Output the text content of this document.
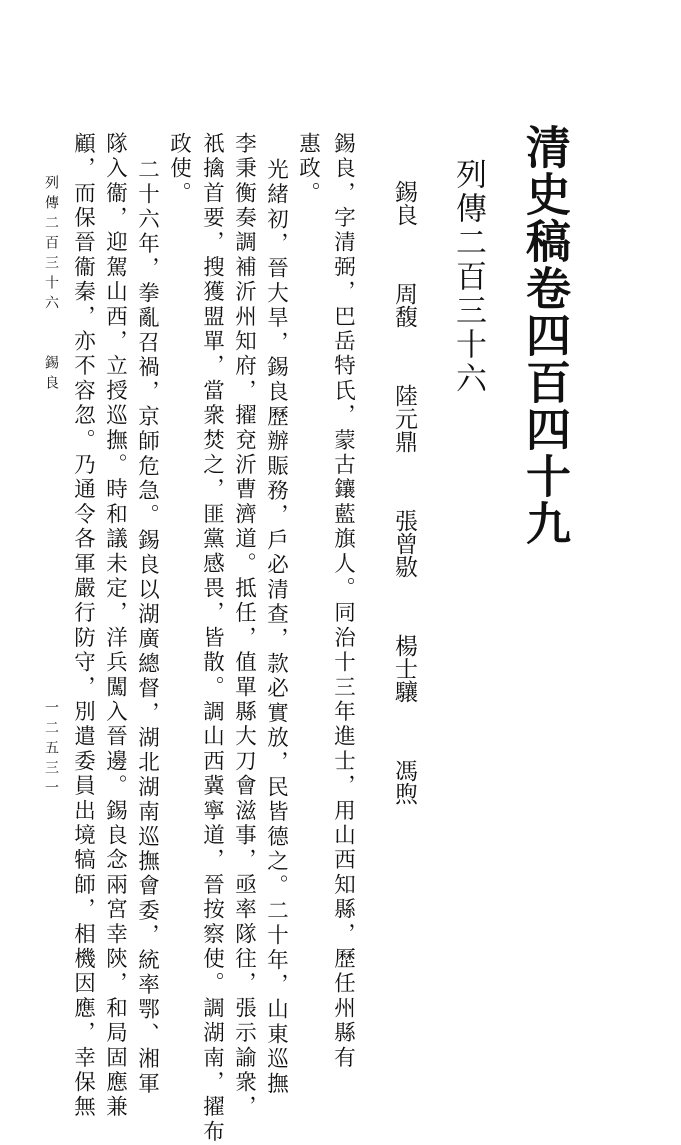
清史稿卷四百四十九
列傳二百三十六
錫良 周馥 陸元鼎 張曾敭 楊士驤 馮煦
錫良，字清弼，巴岳特氏，蒙古鑲藍旗人。同治十三年進士，用山西知縣，歷任州縣有
惠政。
光緒初，晉大旱，錫良歷辦賑務，戶必清查，款必實放，民皆德之。二十年，山東巡撫
李秉衡奏調補沂州知府，擢兗沂曹濟道。抵任，值單縣大刀會滋事，亟率隊往，張示諭衆，
祇擒首要，搜獲盟單，當衆焚之，匪黨感畏，皆散。調山西冀寧道，晉按察使。調湖南，擢布
政使。
二十六年，拳亂召禍，京師危急。錫良以湖廣總督，湖北湖南巡撫會委，統率鄂、湘軍
隊入衞，迎駕山西，立授巡撫。時和議未定，洋兵闖入晉邊。錫良念兩宮幸陝，和局固應兼
顧，而保晉衞秦，亦不容忽。乃通令各軍嚴行防守，別遣委員出境犒師，相機因應，幸保無
列傳二百三十六　　錫良
一二五三一
